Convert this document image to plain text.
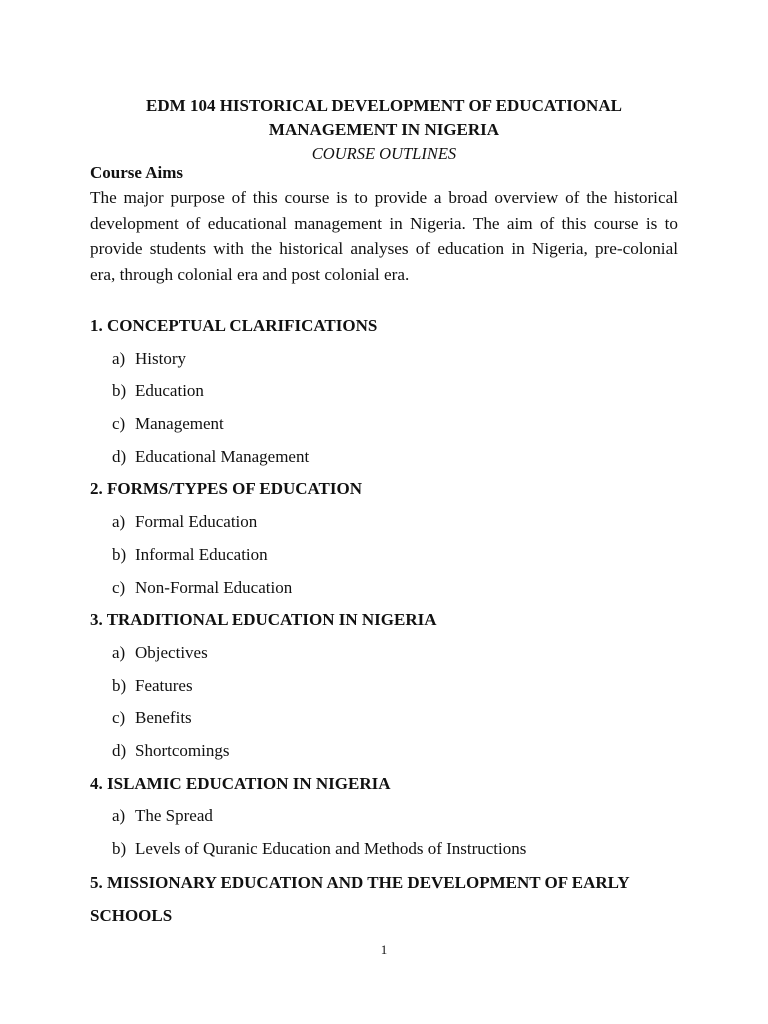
EDM 104 HISTORICAL DEVELOPMENT OF EDUCATIONAL
MANAGEMENT IN NIGERIA
COURSE OUTLINES
Course Aims
The major purpose of this course is to provide a broad overview of the historical development of educational management in Nigeria. The aim of this course is to provide students with the historical analyses of education in Nigeria, pre-colonial era, through colonial era and post colonial era.
1. CONCEPTUAL CLARIFICATIONS
a) History
b) Education
c) Management
d) Educational Management
2. FORMS/TYPES OF EDUCATION
a) Formal Education
b) Informal Education
c) Non-Formal Education
3. TRADITIONAL EDUCATION IN NIGERIA
a) Objectives
b) Features
c) Benefits
d) Shortcomings
4. ISLAMIC EDUCATION IN NIGERIA
a) The Spread
b) Levels of Quranic Education and Methods of Instructions
5. MISSIONARY EDUCATION AND THE DEVELOPMENT OF EARLY SCHOOLS
1
